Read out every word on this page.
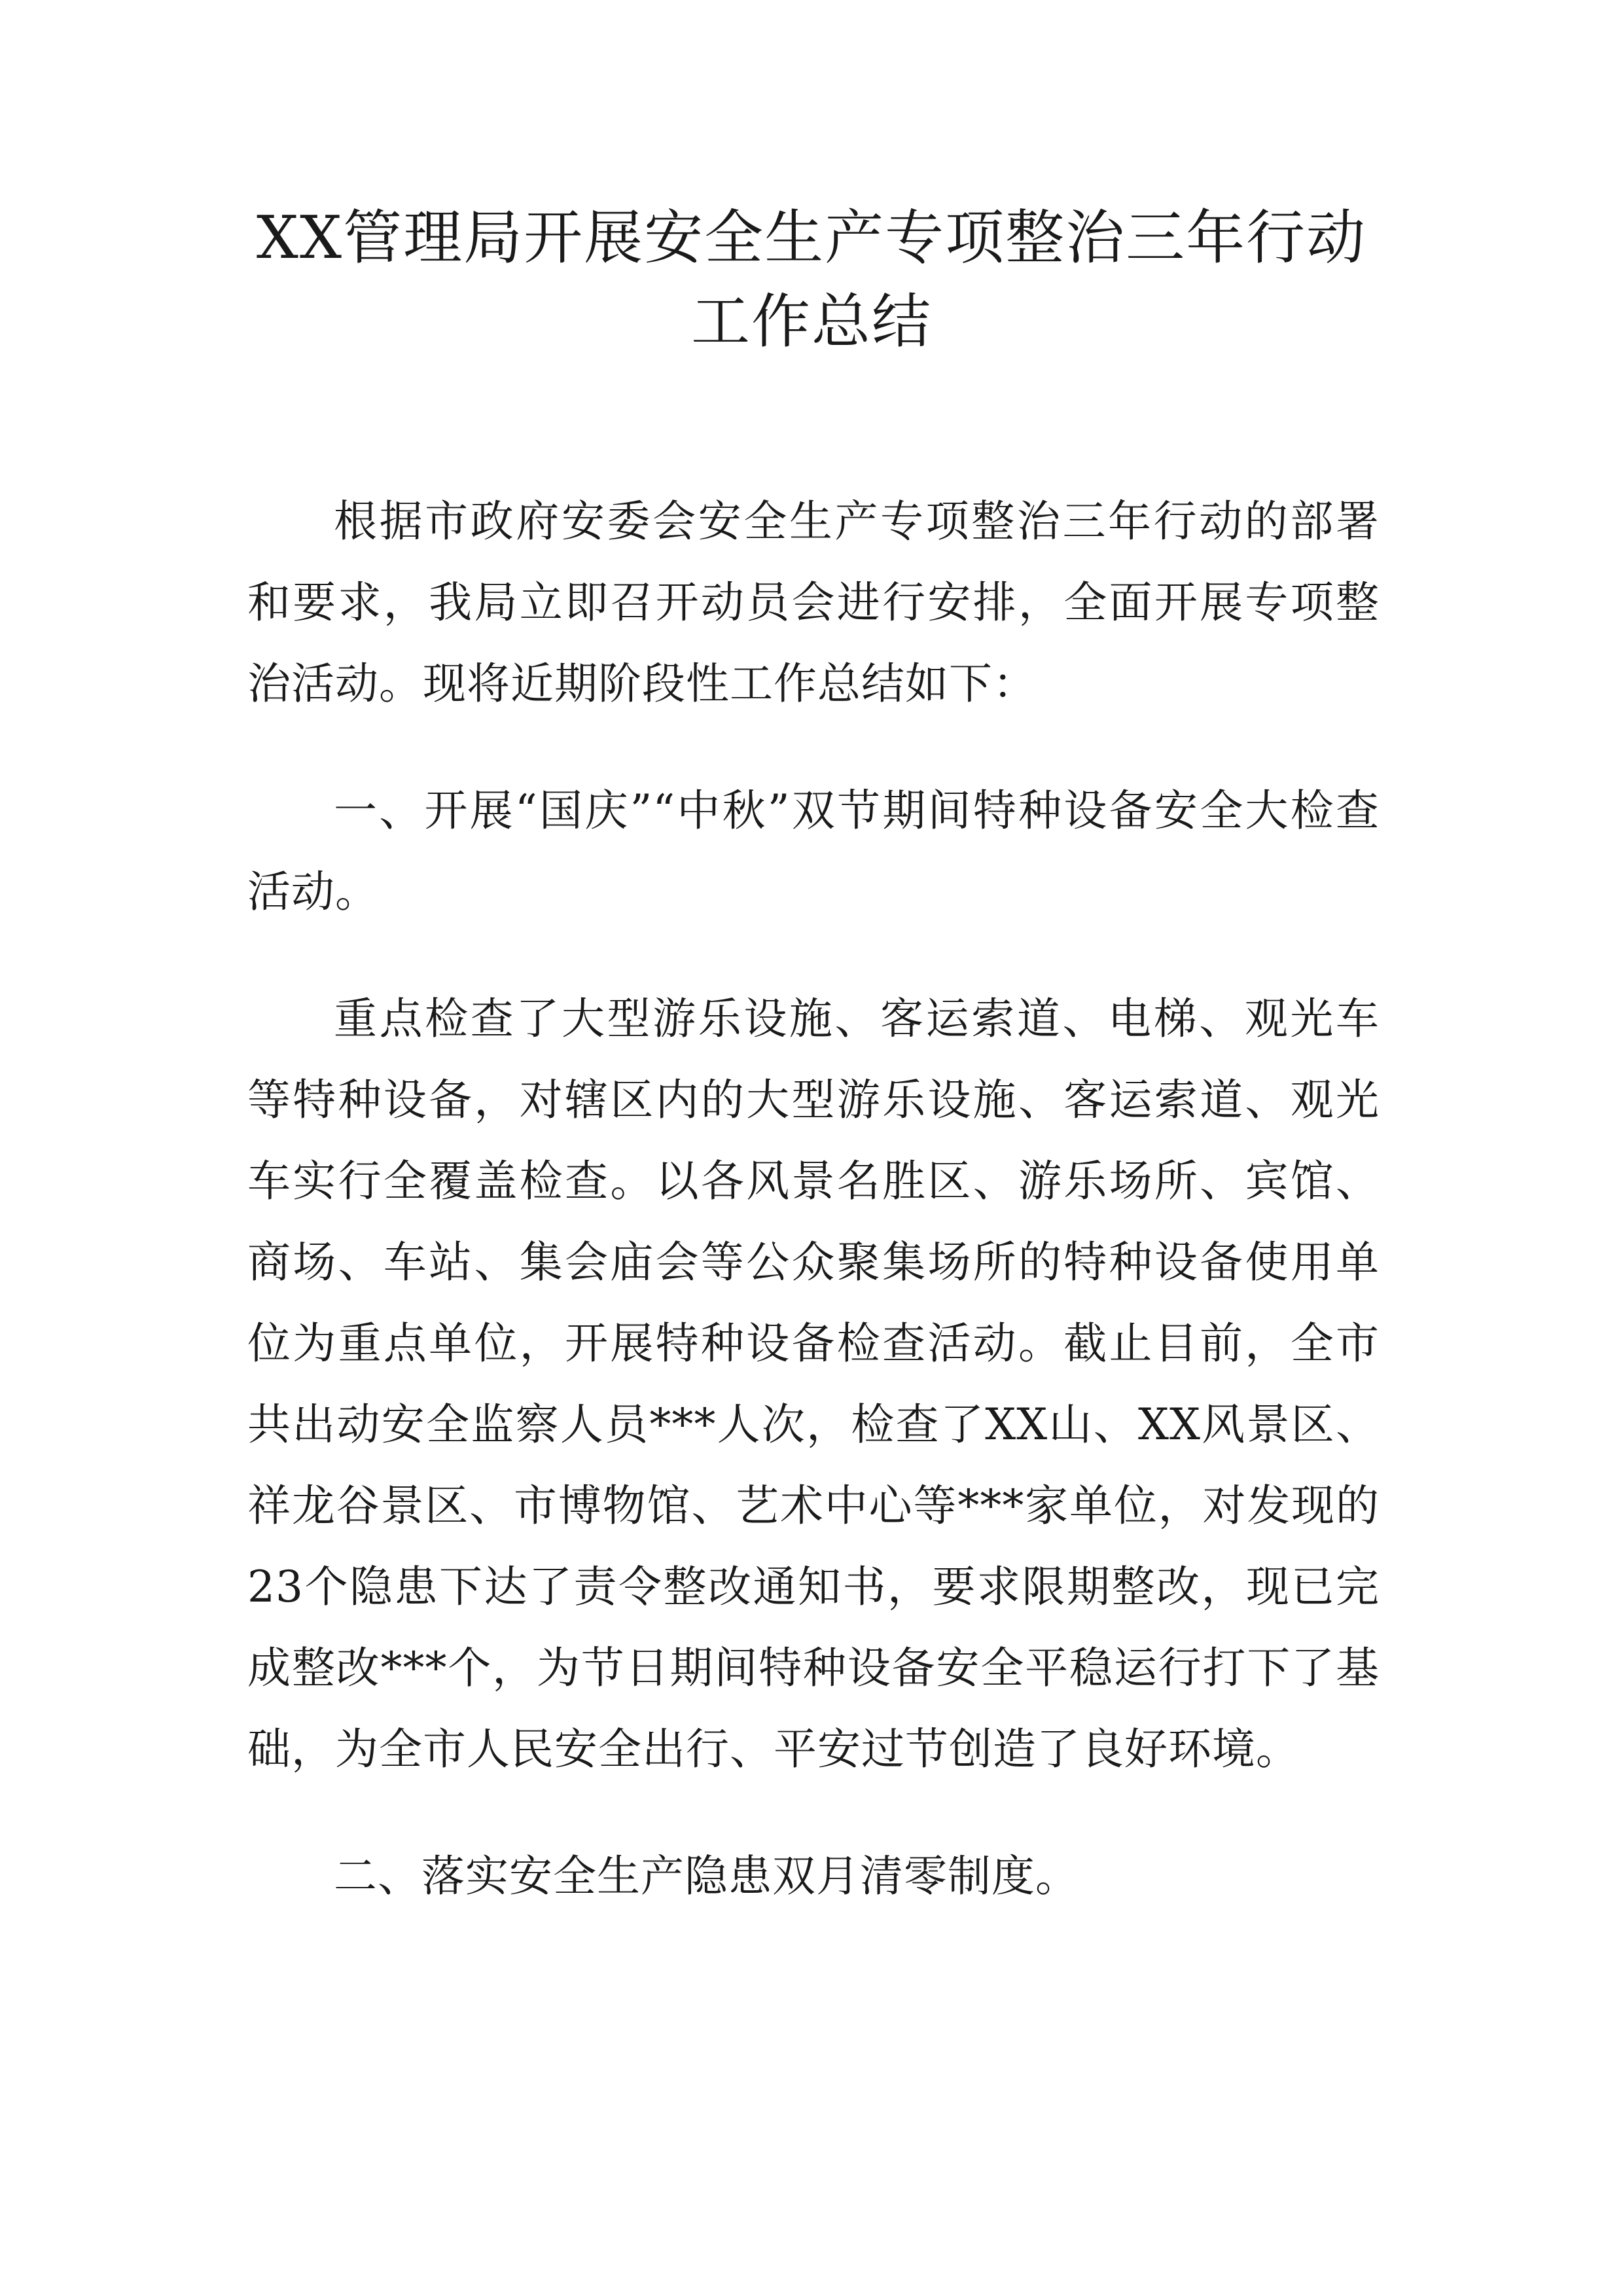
XX管理局开展安全生产专项整治三年行动
工作总结

根据市政府安委会安全生产专项整治三年行动的部署和要求，我局立即召开动员会进行安排，全面开展专项整治活动。现将近期阶段性工作总结如下：

一、开展“国庆”“中秋”双节期间特种设备安全大检查活动。

重点检查了大型游乐设施、客运索道、电梯、观光车等特种设备，对辖区内的大型游乐设施、客运索道、观光车实行全覆盖检查。以各风景名胜区、游乐场所、宾馆、商场、车站、集会庙会等公众聚集场所的特种设备使用单位为重点单位，开展特种设备检查活动。截止目前，全市共出动安全监察人员***人次，检查了XX山、XX风景区、祥龙谷景区、市博物馆、艺术中心等***家单位，对发现的23个隐患下达了责令整改通知书，要求限期整改，现已完成整改***个，为节日期间特种设备安全平稳运行打下了基础，为全市人民安全出行、平安过节创造了良好环境。

二、落实安全生产隐患双月清零制度。
